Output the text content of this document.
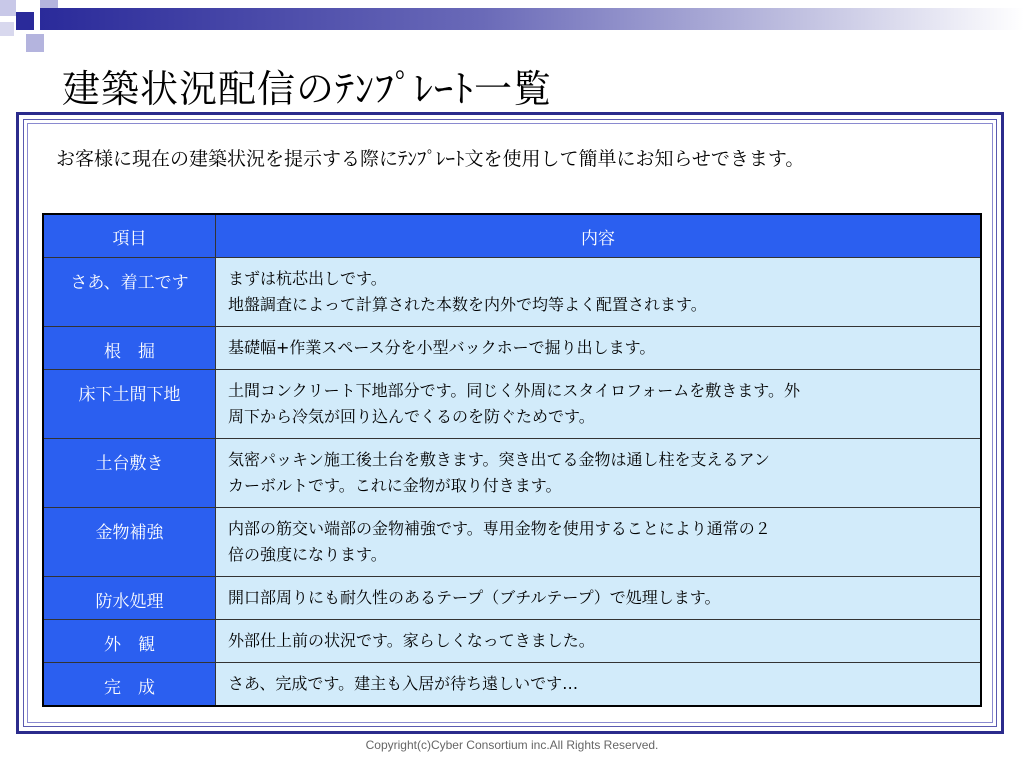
建築状況配信のﾃﾝﾌﾟﾚｰﾄ一覧

お客様に現在の建築状況を提示する際にﾃﾝﾌﾟﾚｰﾄ文を使用して簡単にお知らせできます。

項目	内容
さあ、着工です	まずは杭芯出しです。
地盤調査によって計算された本数を内外で均等よく配置されます。

根　掘	基礎幅+作業スペース分を小型バックホーで掘り出します。

床下土間下地	土間コンクリート下地部分です。同じく外周にスタイロフォームを敷きます。外
周下から冷気が回り込んでくるのを防ぐためです。

土台敷き	気密パッキン施工後土台を敷きます。突き出てる金物は通し柱を支えるアン
カーボルトです。これに金物が取り付きます。

金物補強	内部の筋交い端部の金物補強です。専用金物を使用することにより通常の２
倍の強度になります。

防水処理	開口部周りにも耐久性のあるテープ（ブチルテープ）で処理します。

外　観	外部仕上前の状況です。家らしくなってきました。

完　成	さあ、完成です。建主も入居が待ち遠しいです…
Copyright(c)Cyber Consortium inc.All Rights Reserved.
